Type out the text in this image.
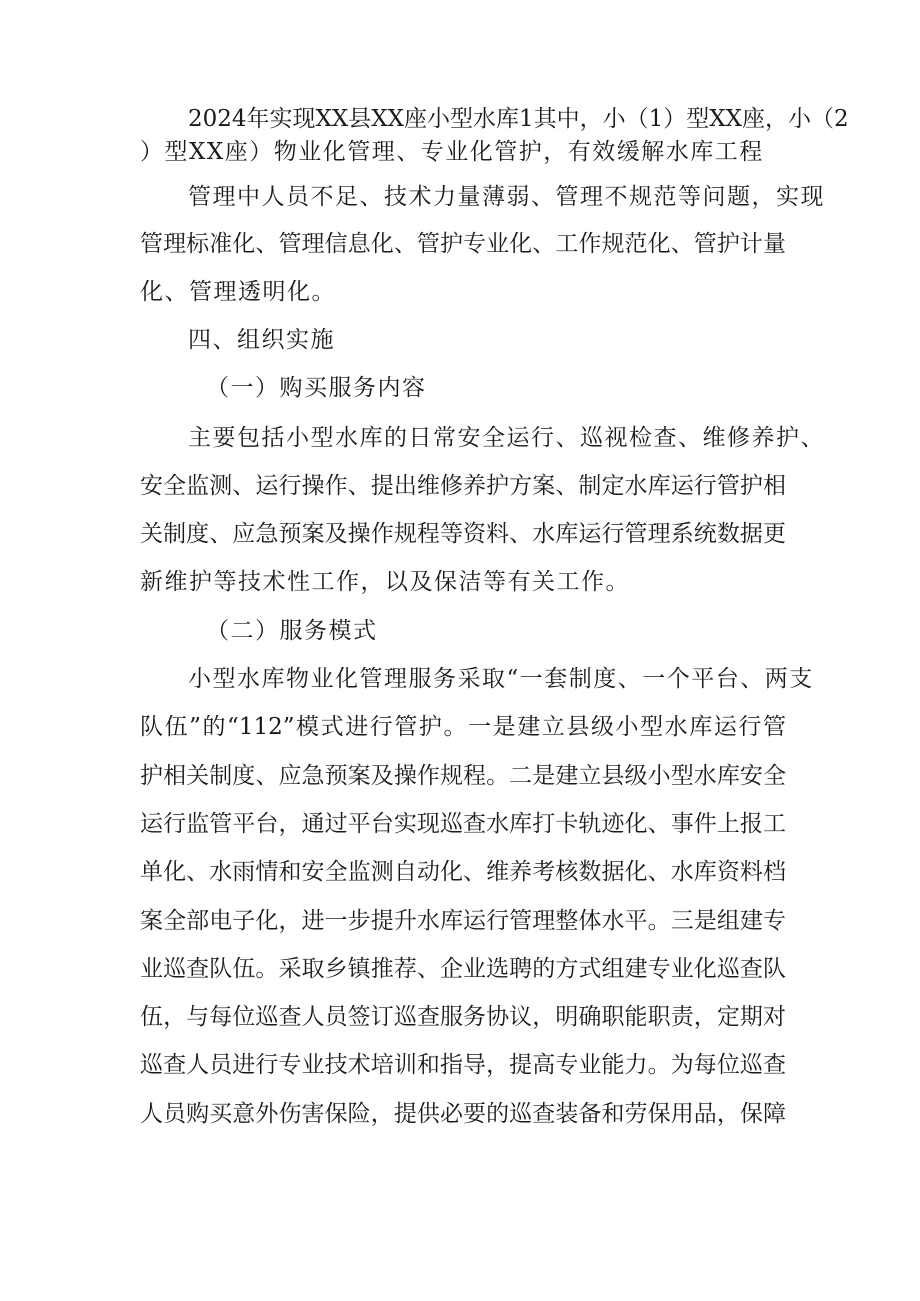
2024年实现XX县XX座小型水库1其中，小（1）型XX座，小（2
）型XX座）物业化管理、专业化管护，有效缓解水库工程
管理中人员不足、技术力量薄弱、管理不规范等问题，实现
管理标准化、管理信息化、管护专业化、工作规范化、管护计量
化、管理透明化。
四、组织实施
（一）购买服务内容
主要包括小型水库的日常安全运行、巡视检查、维修养护、
安全监测、运行操作、提出维修养护方案、制定水库运行管护相
关制度、应急预案及操作规程等资料、水库运行管理系统数据更
新维护等技术性工作，以及保洁等有关工作。
（二）服务模式
小型水库物业化管理服务采取“一套制度、一个平台、两支
队伍”的“112”模式进行管护。一是建立县级小型水库运行管
护相关制度、应急预案及操作规程。二是建立县级小型水库安全
运行监管平台，通过平台实现巡查水库打卡轨迹化、事件上报工
单化、水雨情和安全监测自动化、维养考核数据化、水库资料档
案全部电子化，进一步提升水库运行管理整体水平。三是组建专
业巡查队伍。采取乡镇推荐、企业选聘的方式组建专业化巡查队
伍，与每位巡查人员签订巡查服务协议，明确职能职责，定期对
巡查人员进行专业技术培训和指导，提高专业能力。为每位巡查
人员购买意外伤害保险，提供必要的巡查装备和劳保用品，保障
